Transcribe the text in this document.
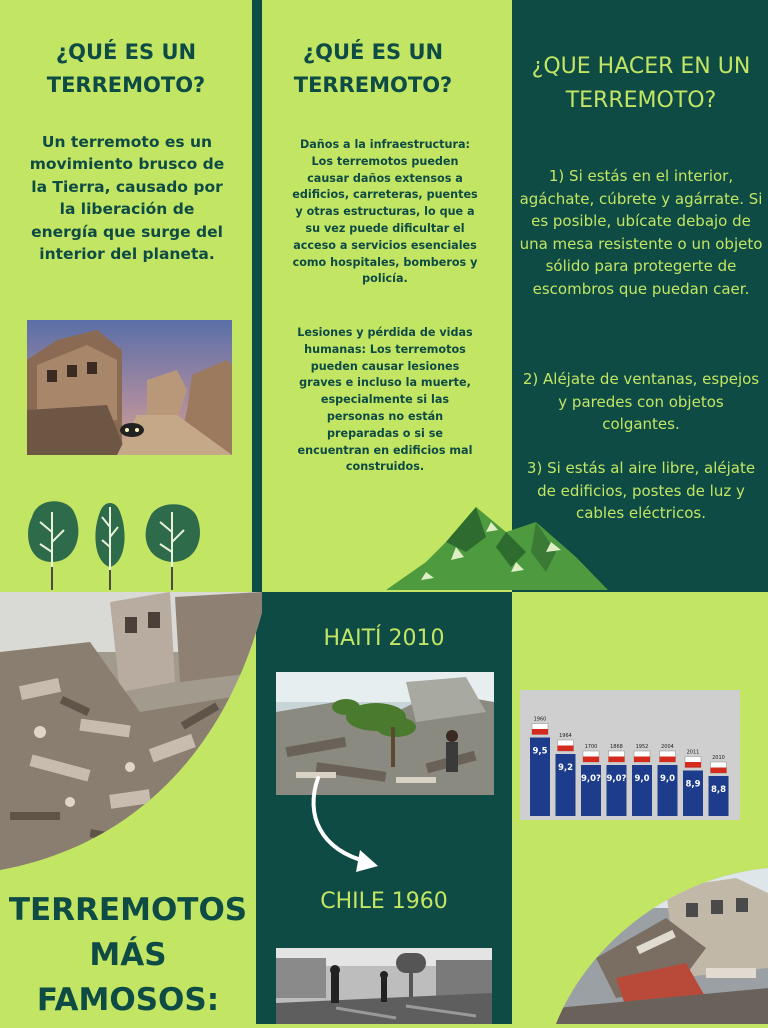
¿QUÉ ES UN TERREMOTO?

Un terremoto es un movimiento brusco de la Tierra, causado por la liberación de energía que surge del interior del planeta.

¿QUÉ ES UN TERREMOTO?

Daños a la infraestructura: Los terremotos pueden causar daños extensos a edificios, carreteras, puentes y otras estructuras, lo que a su vez puede dificultar el acceso a servicios esenciales como hospitales, bomberos y policía.

Lesiones y pérdida de vidas humanas: Los terremotos pueden causar lesiones graves e incluso la muerte, especialmente si las personas no están preparadas o si se encuentran en edificios mal construidos.

¿QUE HACER EN UN TERREMOTO?

1) Si estás en el interior, agáchate, cúbrete y agárrate. Si es posible, ubícate debajo de una mesa resistente o un objeto sólido para protegerte de escombros que puedan caer.

2) Aléjate de ventanas, espejos y paredes con objetos colgantes.

3) Si estás al aire libre, aléjate de edificios, postes de luz y cables eléctricos.

TERREMOTOS MÁS FAMOSOS:
HAITÍ 2010
CHILE 1960
1960
9,5
1964
9,2
1700
9,0?
1868
9,0?
1952
9,0
2004
9,0
2011
8,9
2010
8,8
